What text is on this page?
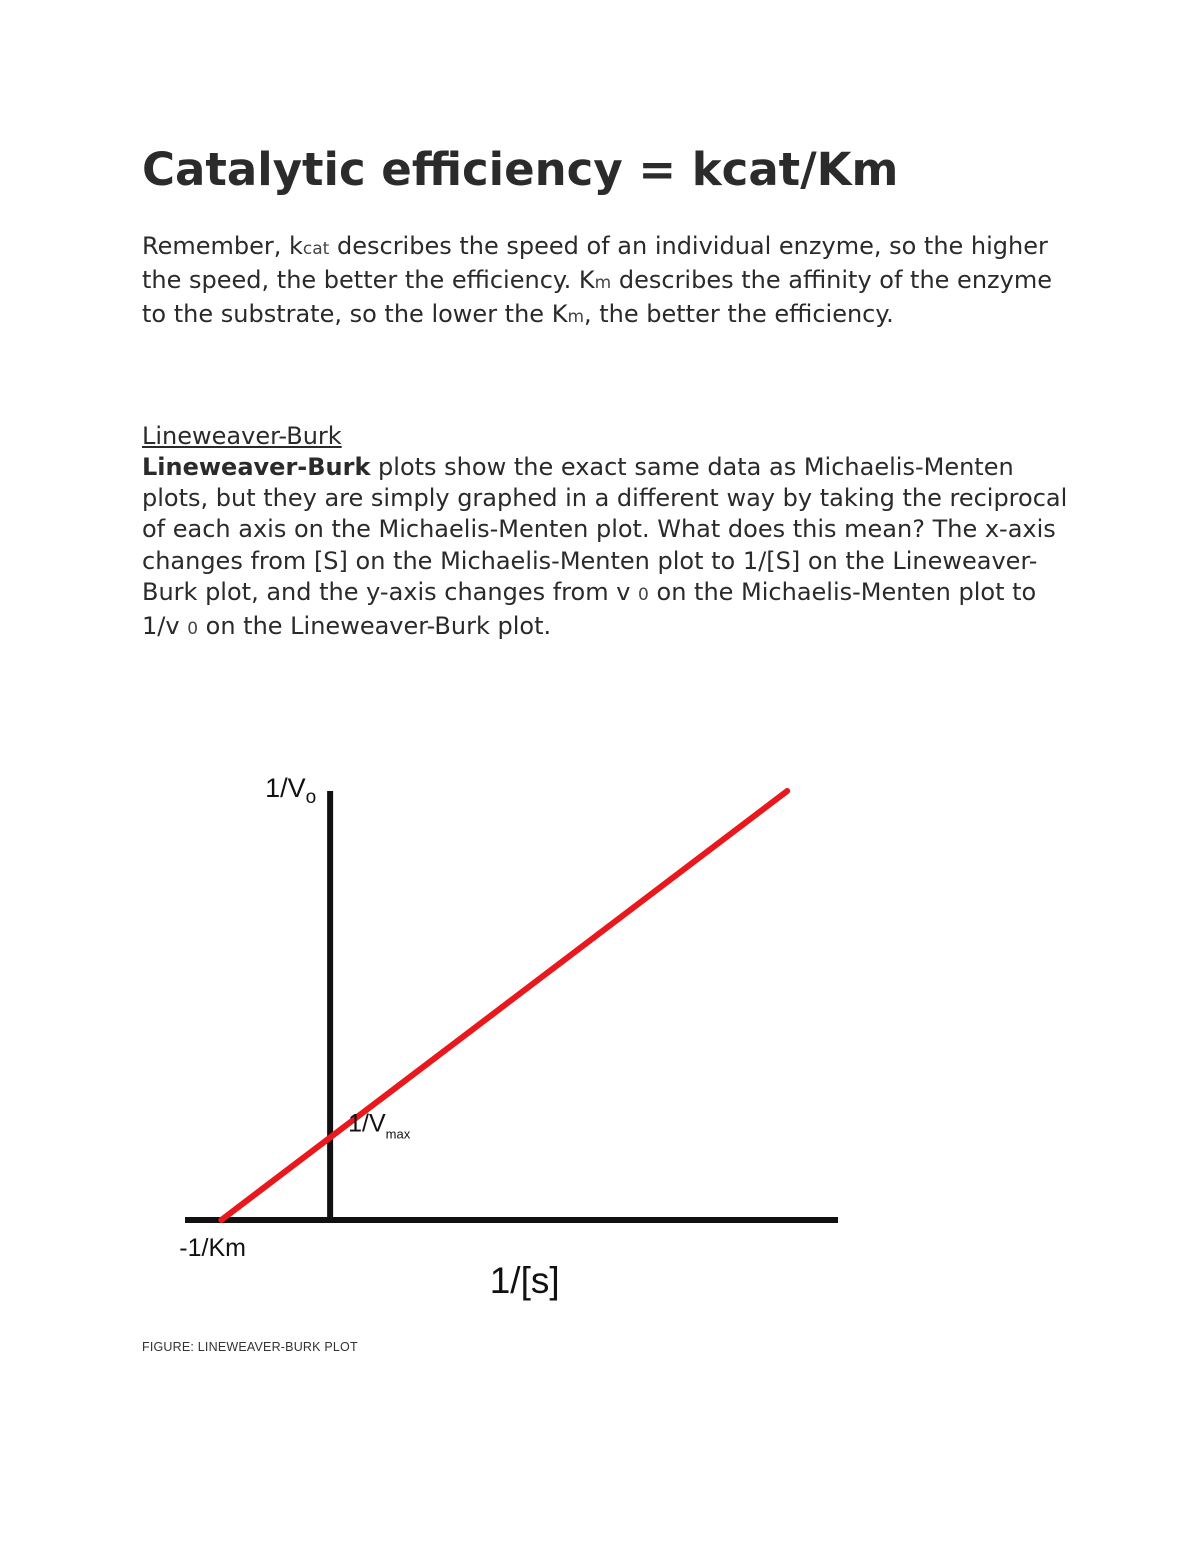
Catalytic efficiency = kcat/Km

Remember, kcat describes the speed of an individual enzyme, so the higher the speed, the better the efficiency. Km describes the affinity of the enzyme to the substrate, so the lower the Km, the better the efficiency.

Lineweaver-Burk

Lineweaver-Burk plots show the exact same data as Michaelis-Menten plots, but they are simply graphed in a different way by taking the reciprocal of each axis on the Michaelis-Menten plot. What does this mean? The x-axis changes from [S] on the Michaelis-Menten plot to 1/[S] on the Lineweaver-Burk plot, and the y-axis changes from v 0 on the Michaelis-Menten plot to 1/v 0 on the Lineweaver-Burk plot.

$1/V_o$
$1/V_{max}$
-1/Km
1/[s]

FIGURE: LINEWEAVER-BURK PLOT
